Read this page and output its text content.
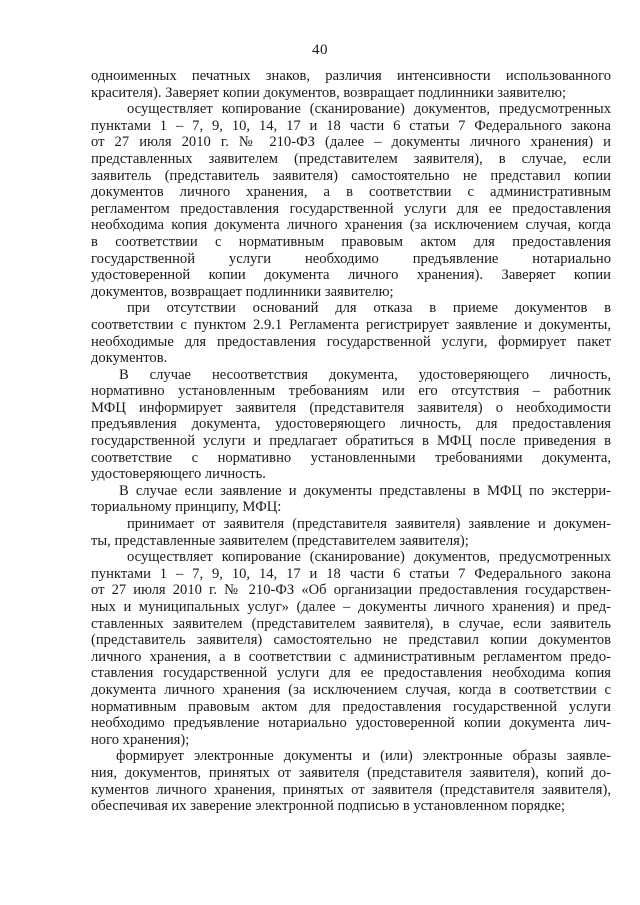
40
одноименных печатных знаков, различия интенсивности использованного
красителя). Заверяет копии документов, возвращает подлинники заявителю;
осуществляет копирование (сканирование) документов, предусмотренных
пунктами 1 – 7, 9, 10, 14, 17 и 18 части 6 статьи 7 Федерального закона
от 27 июля 2010 г. № 210-ФЗ (далее – документы личного хранения) и
представленных заявителем (представителем заявителя), в случае, если
заявитель (представитель заявителя) самостоятельно не представил копии
документов личного хранения, а в соответствии с административным
регламентом предоставления государственной услуги для ее предоставления
необходима копия документа личного хранения (за исключением случая, когда
в соответствии с нормативным правовым актом для предоставления
государственной услуги необходимо предъявление нотариально
удостоверенной копии документа личного хранения). Заверяет копии
документов, возвращает подлинники заявителю;
при отсутствии оснований для отказа в приеме документов в
соответствии с пунктом 2.9.1 Регламента регистрирует заявление и документы,
необходимые для предоставления государственной услуги, формирует пакет
документов.
В случае несоответствия документа, удостоверяющего личность,
нормативно установленным требованиям или его отсутствия – работник
МФЦ информирует заявителя (представителя заявителя) о необходимости
предъявления документа, удостоверяющего личность, для предоставления
государственной услуги и предлагает обратиться в МФЦ после приведения в
соответствие с нормативно установленными требованиями документа,
удостоверяющего личность.
В случае если заявление и документы представлены в МФЦ по экстерри-
ториальному принципу, МФЦ:
принимает от заявителя (представителя заявителя) заявление и докумен-
ты, представленные заявителем (представителем заявителя);
осуществляет копирование (сканирование) документов, предусмотренных
пунктами 1 – 7, 9, 10, 14, 17 и 18 части 6 статьи 7 Федерального закона
от 27 июля 2010 г. № 210-ФЗ «Об организации предоставления государствен-
ных и муниципальных услуг» (далее – документы личного хранения) и пред-
ставленных заявителем (представителем заявителя), в случае, если заявитель
(представитель заявителя) самостоятельно не представил копии документов
личного хранения, а в соответствии с административным регламентом предо-
ставления государственной услуги для ее предоставления необходима копия
документа личного хранения (за исключением случая, когда в соответствии с
нормативным правовым актом для предоставления государственной услуги
необходимо предъявление нотариально удостоверенной копии документа лич-
ного хранения);
формирует электронные документы и (или) электронные образы заявле-
ния, документов, принятых от заявителя (представителя заявителя), копий до-
кументов личного хранения, принятых от заявителя (представителя заявителя),
обеспечивая их заверение электронной подписью в установленном порядке;
